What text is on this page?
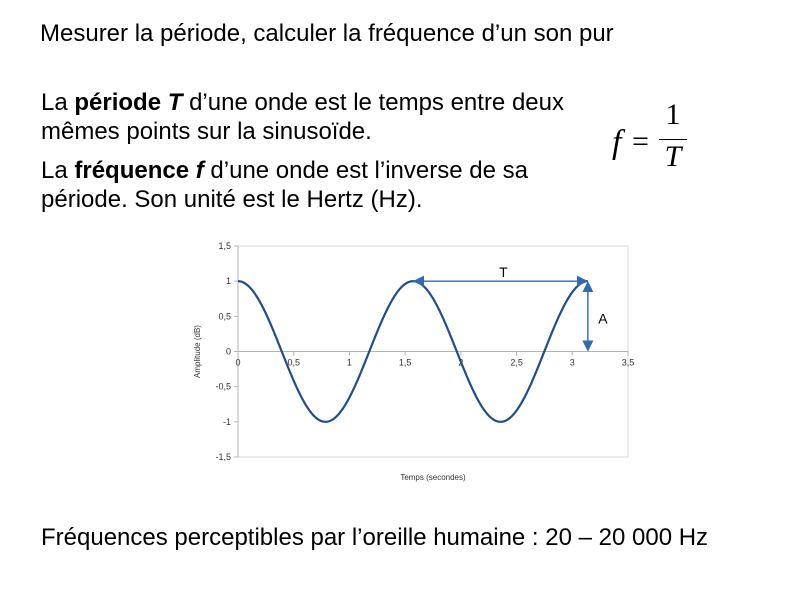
Mesurer la période, calculer la fréquence d’un son pur
La période T d’une onde est le temps entre deux mêmes points sur la sinusoïde.
La fréquence f d’une onde est l’inverse de sa période. Son unité est le Hertz (Hz).
f =
1
T
1,5
1
0,5
0
-0,5
-1
-1,5
0	0,5	1	1,5	2	2,5	3	3,5
Temps (secondes)
Amplitude (dB)
T
A
Fréquences perceptibles par l’oreille humaine : 20 – 20 000 Hz
